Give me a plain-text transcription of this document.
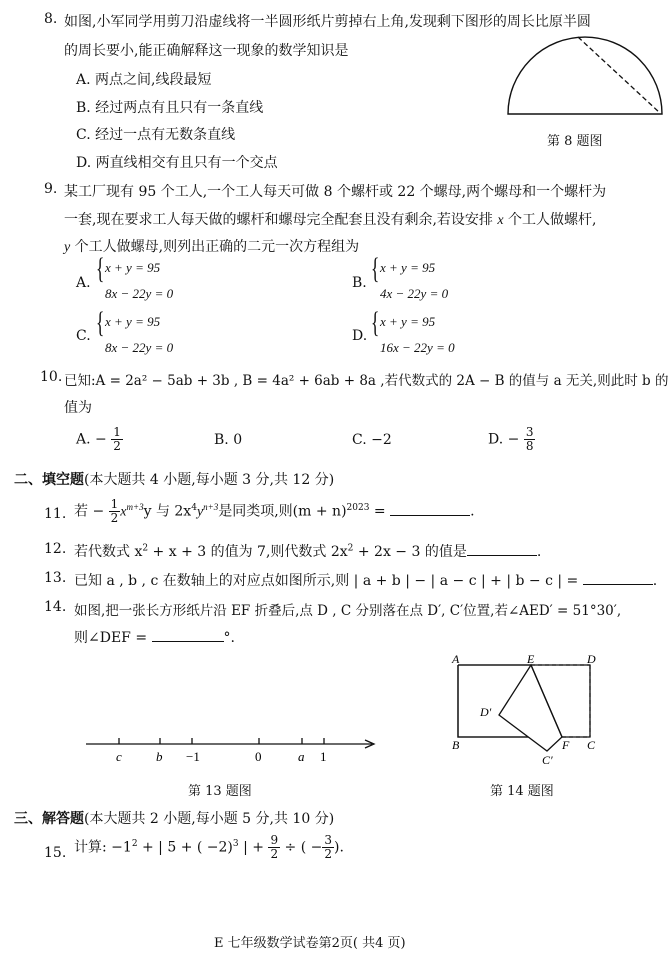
8. 如图,小军同学用剪刀沿虚线将一半圆形纸片剪掉右上角,发现剩下图形的周长比原半圆
的周长要小,能正确解释这一现象的数学知识是
A. 两点之间,线段最短
B. 经过两点有且只有一条直线
C. 经过一点有无数条直线
D. 两直线相交有且只有一个交点
第 8 题图
9. 某工厂现有 95 个工人,一个工人每天可做 8 个螺杆或 22 个螺母,两个螺母和一个螺杆为
一套,现在要求工人每天做的螺杆和螺母完全配套且没有剩余,若设安排 x 个工人做螺杆,
y 个工人做螺母,则列出正确的二元一次方程组为
A. { x + y = 95
8x − 22y = 0
B. { x + y = 95
4x − 22y = 0
C. { x + y = 95
8x − 22y = 0
D. { x + y = 95
16x − 22y = 0
10. 已知:A = 2a² − 5ab + 3b , B = 4a² + 6ab + 8a ,若代数式的 2A − B 的值与 a 无关,则此时 b 的
值为
A. − $\frac{1}{2}$	B. 0	C. −2	D. − $\frac{3}{8}$
二、填空题(本大题共 4 小题,每小题 3 分,共 12 分)
11. 若 − $\frac{1}{2} x^{m+3}y$ 与 $2x^4y^{n+3}$是同类项,则$(m + n)^{2023}$ =	.
12. 若代数式 $x^2 + x + 3$ 的值为 7,则代数式 $2x^2 + 2x - 3$ 的值是	.
13. 已知 a , b , c 在数轴上的对应点如图所示,则 | a + b | − | a − c | + | b − c | =	.
14. 如图,把一张长方形纸片沿 EF 折叠后,点 D , C 分别落在点 D′, C′位置,若∠AED′ = 51°30′,
则∠DEF =	°.
c	b −1	0	a 1
第 13 题图
A	E	D
D′
B	F C
C′
第 14 题图
三、解答题(本大题共 2 小题,每小题 5 分,共 10 分)
15. 计算: $-1^2$ + | 5 + ( −2)$^3$ | + $\frac{9}{2}$ ÷ ( − $\frac{3}{2}$ ).
E 七年级数学试卷第2页( 共4 页)
